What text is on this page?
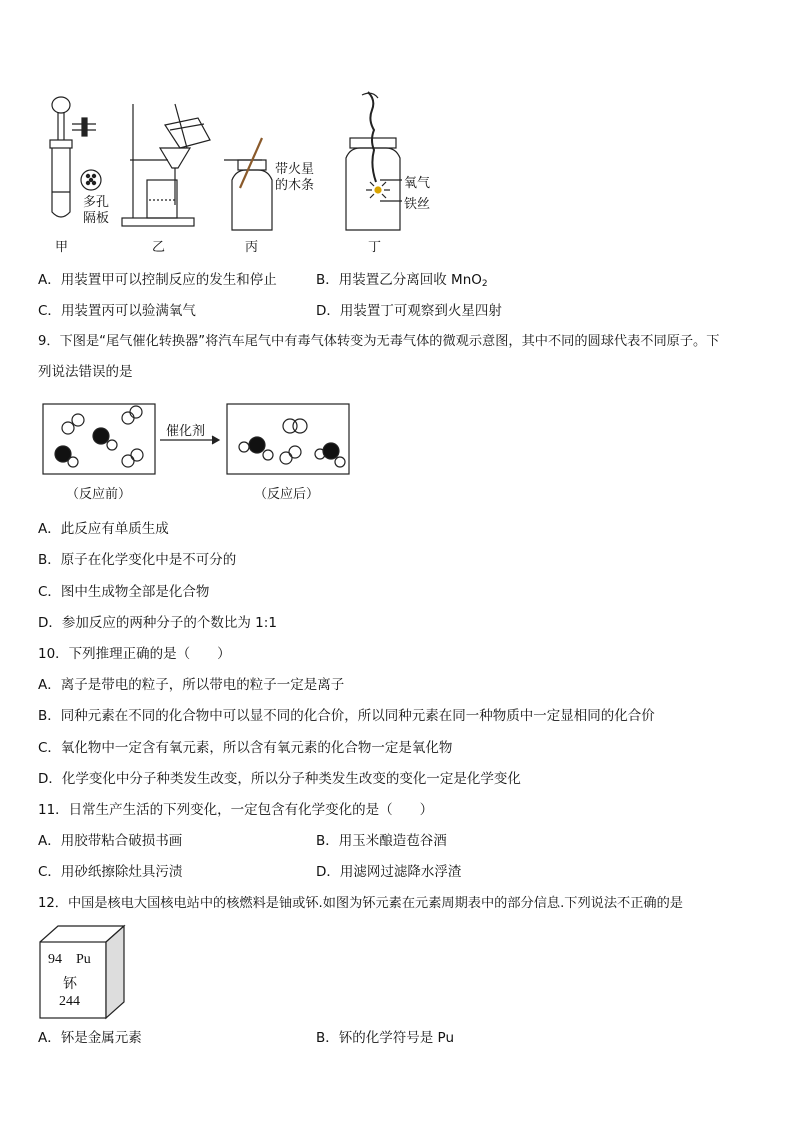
多孔
隔板
带火星
的木条	氧气
铁丝
甲	乙	丙	丁
A．用装置甲可以控制反应的发生和停止	B．用装置乙分离回收 MnO$_2$
C．用装置丙可以验满氧气	D．用装置丁可观察到火星四射
9．下图是“尾气催化转换器”将汽车尾气中有毒气体转变为无毒气体的微观示意图，其中不同的圆球代表不同原子。下
列说法错误的是
催化剂
（反应前）	（反应后）
A．此反应有单质生成
B．原子在化学变化中是不可分的
C．图中生成物全部是化合物
D．参加反应的两种分子的个数比为 1:1
10．下列推理正确的是（　　）
A．离子是带电的粒子，所以带电的粒子一定是离子
B．同种元素在不同的化合物中可以显不同的化合价，所以同种元素在同一种物质中一定显相同的化合价
C．氧化物中一定含有氧元素，所以含有氧元素的化合物一定是氧化物
D．化学变化中分子种类发生改变，所以分子种类发生改变的变化一定是化学变化
11．日常生产生活的下列变化，一定包含有化学变化的是（　　）
A．用胶带粘合破损书画	B．用玉米酿造苞谷酒
C．用砂纸擦除灶具污渍	D．用滤网过滤降水浮渣
12．中国是核电大国核电站中的核燃料是铀或钚.如图为钚元素在元素周期表中的部分信息.下列说法不正确的是
94 Pu
钚
244
A．钚是金属元素	B．钚的化学符号是 Pu
